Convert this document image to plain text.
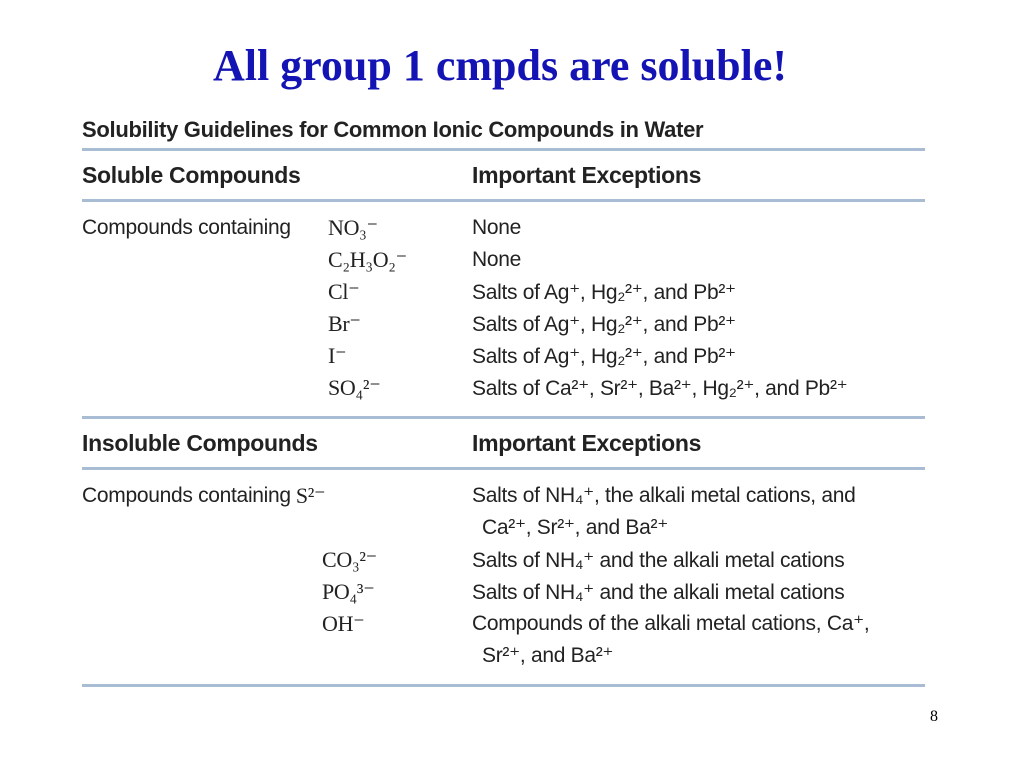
All group 1 cmpds are soluble!
Solubility Guidelines for Common Ionic Compounds in Water
Soluble Compounds	Important Exceptions
Compounds containing NO₃⁻	None
C₂H₃O₂⁻	None
Cl⁻	Salts of Ag⁺, Hg₂²⁺, and Pb²⁺
Br⁻	Salts of Ag⁺, Hg₂²⁺, and Pb²⁺
I⁻	Salts of Ag⁺, Hg₂²⁺, and Pb²⁺
SO₄²⁻	Salts of Ca²⁺, Sr²⁺, Ba²⁺, Hg₂²⁺, and Pb²⁺
Insoluble Compounds	Important Exceptions
Compounds containing S²⁻	Salts of NH₄⁺, the alkali metal cations, and
Ca²⁺, Sr²⁺, and Ba²⁺
CO₃²⁻	Salts of NH₄⁺ and the alkali metal cations
PO₄³⁻	Salts of NH₄⁺ and the alkali metal cations
OH⁻	Compounds of the alkali metal cations, Ca⁺,
Sr²⁺, and Ba²⁺
8
